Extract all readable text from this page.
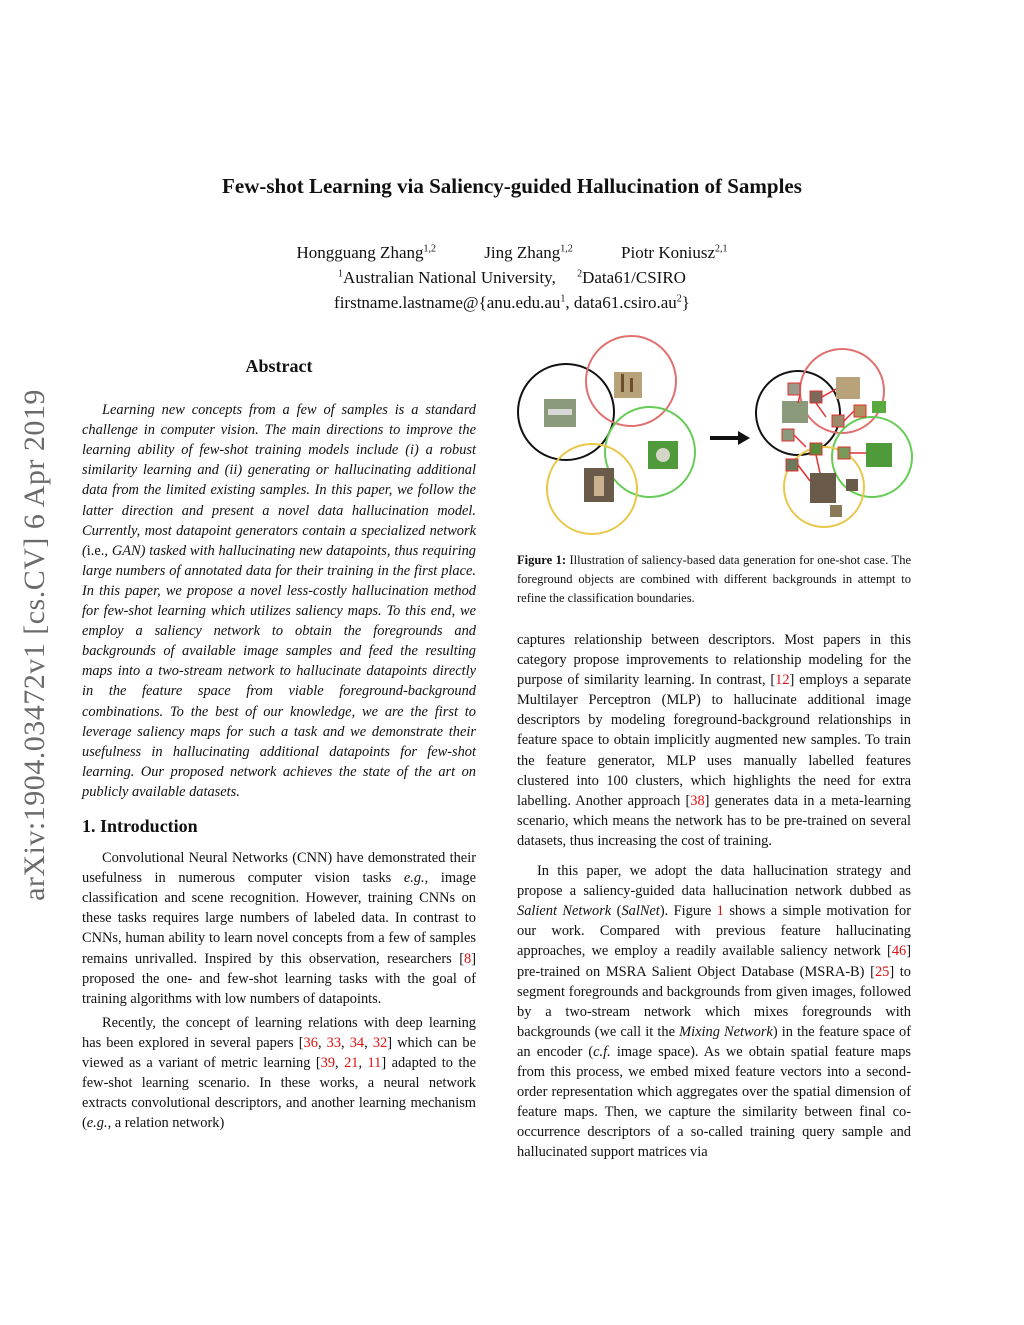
Few-shot Learning via Saliency-guided Hallucination of Samples
Hongguang Zhang$^{1,2}$	Jing Zhang$^{1,2}$	Piotr Koniusz$^{2,1}$
$^1$Australian National University, $^2$Data61/CSIRO
$firstname.lastname@\{anu.edu.au^1$, $data61.csiro.au^2$}
arXiv:1904.03472v1 [cs.CV] 6 Apr 2019
Abstract

Learning new concepts from a few of samples is a standard challenge in computer vision. The main directions to improve the learning ability of few-shot training models include (i) a robust similarity learning and (ii) generating or hallucinating additional data from the limited existing samples. In this paper, we follow the latter direction and present a novel data hallucination model. Currently, most datapoint generators contain a specialized network (i.e., GAN) tasked with hallucinating new datapoints, thus requiring large numbers of annotated data for their training in the first place. In this paper, we propose a novel less-costly hallucination method for few-shot learning which utilizes saliency maps. To this end, we employ a saliency network to obtain the foregrounds and backgrounds of available image samples and feed the resulting maps into a two-stream network to hallucinate datapoints directly in the feature space from viable foreground-background combinations. To the best of our knowledge, we are the first to leverage saliency maps for such a task and we demonstrate their usefulness in hallucinating additional datapoints for few-shot learning. Our proposed network achieves the state of the art on publicly available datasets.

1. Introduction

Convolutional Neural Networks (CNN) have demonstrated their usefulness in numerous computer vision tasks e.g., image classification and scene recognition. However, training CNNs on these tasks requires large numbers of labeled data. In contrast to CNNs, human ability to learn novel concepts from a few of samples remains unrivalled. Inspired by this observation, researchers [8] proposed the one- and few-shot learning tasks with the goal of training algorithms with low numbers of datapoints.

Recently, the concept of learning relations with deep learning has been explored in several papers [36, 33, 34, 32] which can be viewed as a variant of metric learning [39, 21, 11] adapted to the few-shot learning scenario. In these works, a neural network extracts convolutional descriptors, and another learning mechanism (e.g., a relation network)

Figure 1: Illustration of saliency-based data generation for one-shot case. The foreground objects are combined with different backgrounds in attempt to refine the classification boundaries.

captures relationship between descriptors. Most papers in this category propose improvements to relationship modeling for the purpose of similarity learning. In contrast, [12] employs a separate Multilayer Perceptron (MLP) to hallucinate additional image descriptors by modeling foreground-background relationships in feature space to obtain implicitly augmented new samples. To train the feature generator, MLP uses manually labelled features clustered into 100 clusters, which highlights the need for extra labelling. Another approach [38] generates data in a meta-learning scenario, which means the network has to be pre-trained on several datasets, thus increasing the cost of training.

In this paper, we adopt the data hallucination strategy and propose a saliency-guided data hallucination network dubbed as Salient Network (SalNet). Figure 1 shows a simple motivation for our work. Compared with previous feature hallucinating approaches, we employ a readily available saliency network [46] pre-trained on MSRA Salient Object Database (MSRA-B) [25] to segment foregrounds and backgrounds from given images, followed by a two-stream network which mixes foregrounds with backgrounds (we call it the Mixing Network) in the feature space of an encoder (c.f. image space). As we obtain spatial feature maps from this process, we embed mixed feature vectors into a second-order representation which aggregates over the spatial dimension of feature maps. Then, we capture the similarity between final co-occurrence descriptors of a so-called training query sample and hallucinated support matrices via
